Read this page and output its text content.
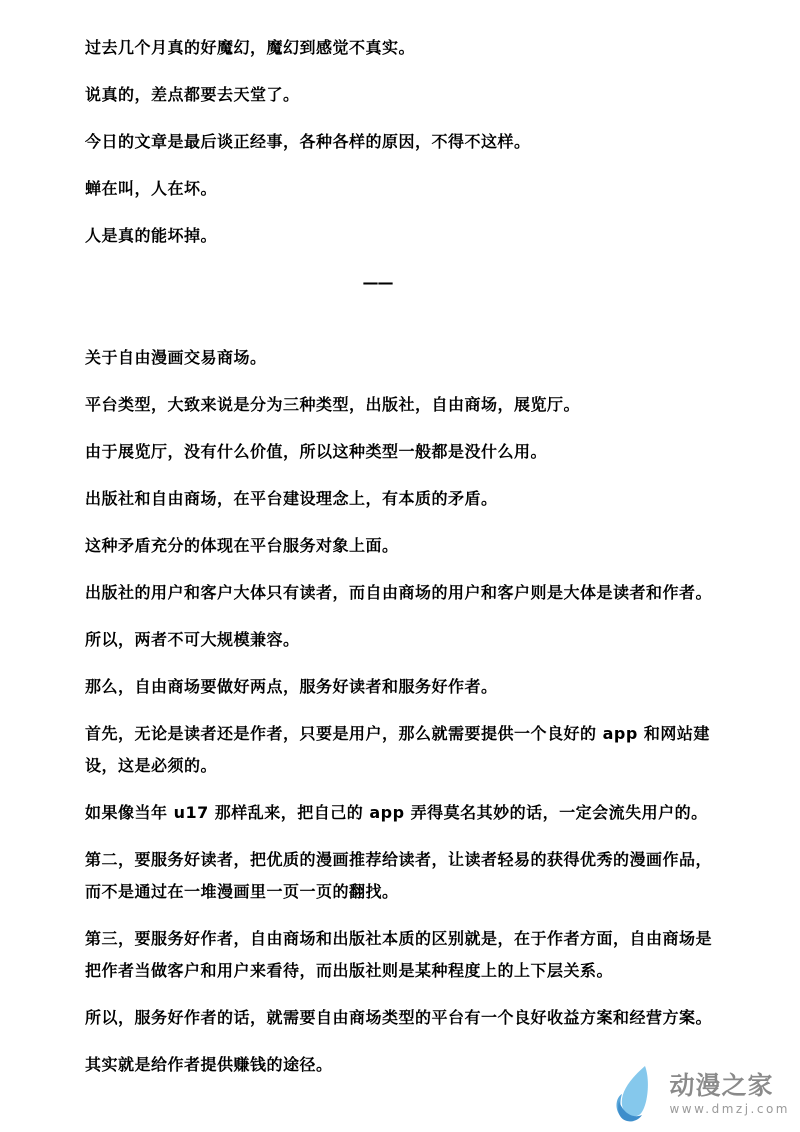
过去几个月真的好魔幻，魔幻到感觉不真实。

说真的，差点都要去天堂了。

今日的文章是最后谈正经事，各种各样的原因，不得不这样。

蝉在叫，人在坏。

人是真的能坏掉。

——

关于自由漫画交易商场。

平台类型，大致来说是分为三种类型，出版社，自由商场，展览厅。

由于展览厅，没有什么价值，所以这种类型一般都是没什么用。

出版社和自由商场，在平台建设理念上，有本质的矛盾。

这种矛盾充分的体现在平台服务对象上面。

出版社的用户和客户大体只有读者，而自由商场的用户和客户则是大体是读者和作者。

所以，两者不可大规模兼容。

那么，自由商场要做好两点，服务好读者和服务好作者。

首先，无论是读者还是作者，只要是用户，那么就需要提供一个良好的 app 和网站建设，这是必须的。

如果像当年 u17 那样乱来，把自己的 app 弄得莫名其妙的话，一定会流失用户的。

第二，要服务好读者，把优质的漫画推荐给读者，让读者轻易的获得优秀的漫画作品，而不是通过在一堆漫画里一页一页的翻找。

第三，要服务好作者，自由商场和出版社本质的区别就是，在于作者方面，自由商场是把作者当做客户和用户来看待，而出版社则是某种程度上的上下层关系。

所以，服务好作者的话，就需要自由商场类型的平台有一个良好收益方案和经营方案。

其实就是给作者提供赚钱的途径。

动漫之家
www.dmzj.com
